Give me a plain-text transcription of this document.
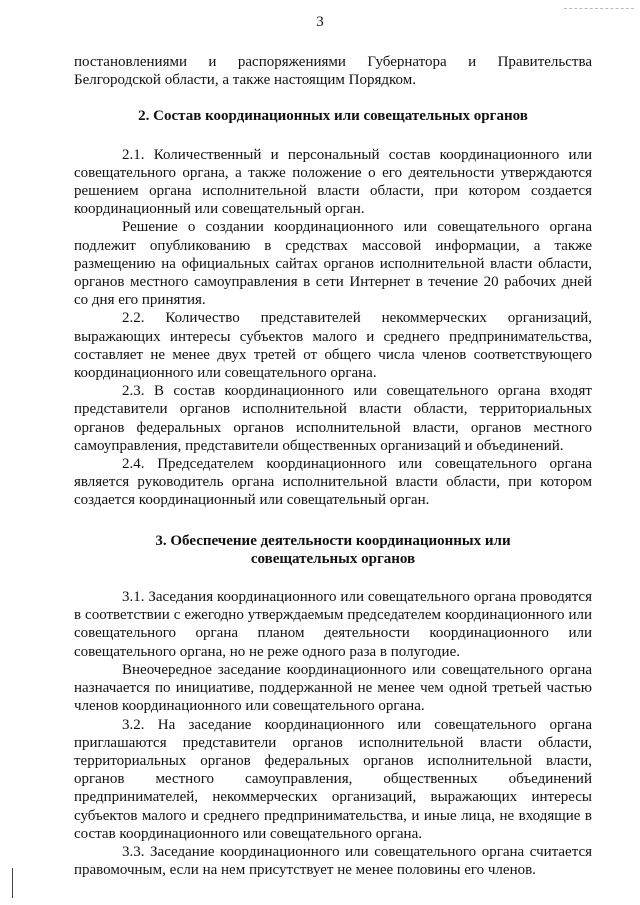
3

постановлениями и распоряжениями Губернатора и Правительства Белгородской области, а также настоящим Порядком.

2. Состав координационных или совещательных органов

2.1. Количественный и персональный состав координационного или совещательного органа, а также положение о его деятельности утверждаются решением органа исполнительной власти области, при котором создается координационный или совещательный орган.

Решение о создании координационного или совещательного органа подлежит опубликованию в средствах массовой информации, а также размещению на официальных сайтах органов исполнительной власти области, органов местного самоуправления в сети Интернет в течение 20 рабочих дней со дня его принятия.

2.2. Количество представителей некоммерческих организаций, выражающих интересы субъектов малого и среднего предпринимательства, составляет не менее двух третей от общего числа членов соответствующего координационного или совещательного органа.

2.3. В состав координационного или совещательного органа входят представители органов исполнительной власти области, территориальных органов федеральных органов исполнительной власти, органов местного самоуправления, представители общественных организаций и объединений.

2.4. Председателем координационного или совещательного органа является руководитель органа исполнительной власти области, при котором создается координационный или совещательный орган.

3. Обеспечение деятельности координационных или
совещательных органов

3.1. Заседания координационного или совещательного органа проводятся в соответствии с ежегодно утверждаемым председателем координационного или совещательного органа планом деятельности координационного или совещательного органа, но не реже одного раза в полугодие.

Внеочередное заседание координационного или совещательного органа назначается по инициативе, поддержанной не менее чем одной третьей частью членов координационного или совещательного органа.

3.2. На заседание координационного или совещательного органа приглашаются представители органов исполнительной власти области, территориальных органов федеральных органов исполнительной власти, органов местного самоуправления, общественных объединений предпринимателей, некоммерческих организаций, выражающих интересы субъектов малого и среднего предпринимательства, и иные лица, не входящие в состав координационного или совещательного органа.

3.3. Заседание координационного или совещательного органа считается правомочным, если на нем присутствует не менее половины его членов.
